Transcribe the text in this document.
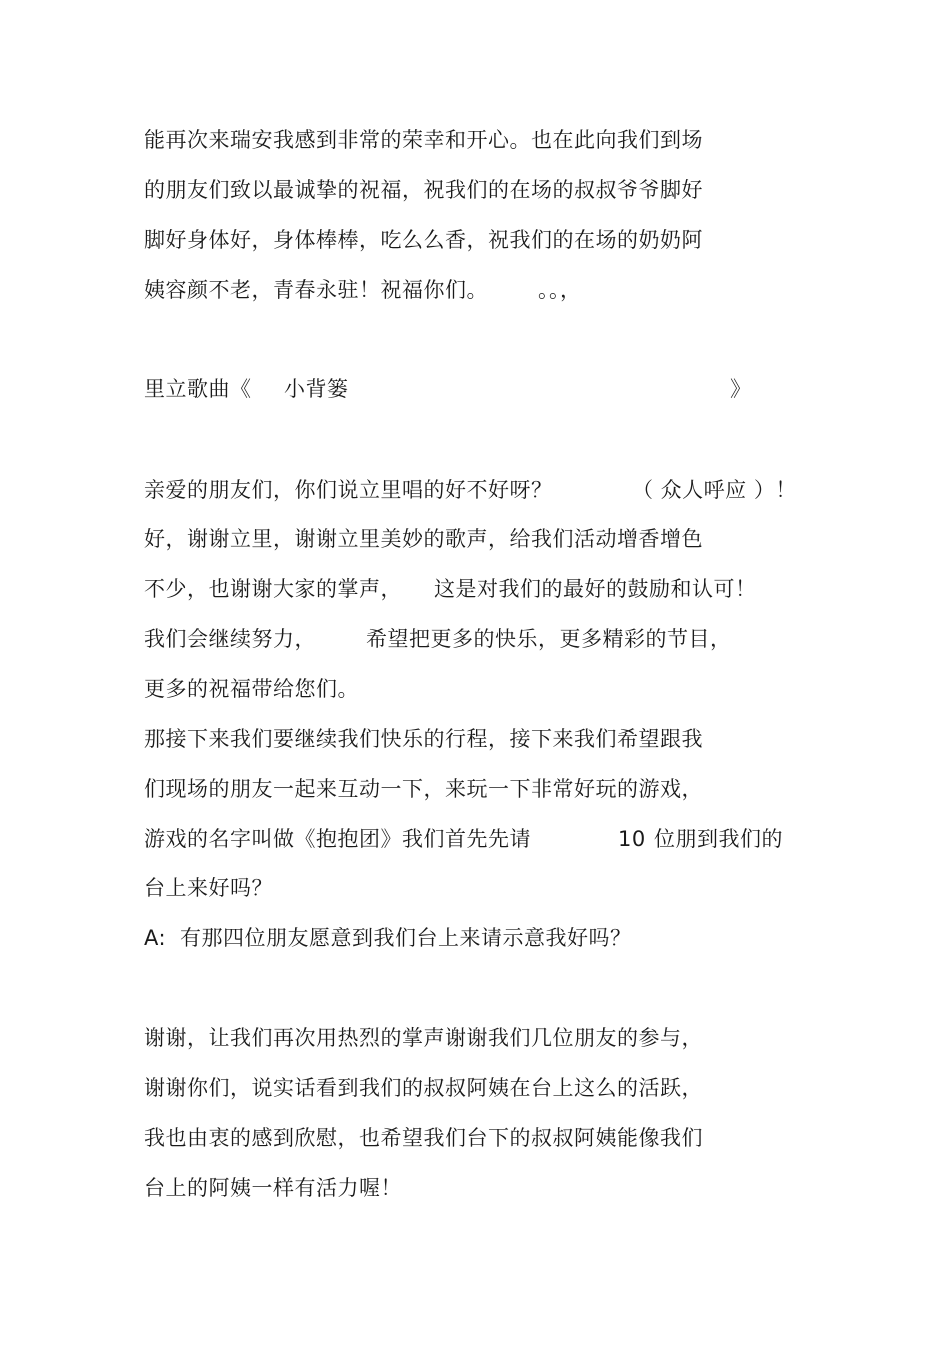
能再次来瑞安我感到非常的荣幸和开心。也在此向我们到场
的朋友们致以最诚挚的祝福，祝我们的在场的叔叔爷爷脚好
脚好身体好，身体棒棒，吃么么香，祝我们的在场的奶奶阿

姨容颜不老，青春永驻！祝福你们。

。。，

里立歌曲《

小背篓

	》

亲爱的朋友们，你们说立里唱的好不好呀？

	（ 众人呼应 ）！

好，谢谢立里，谢谢立里美妙的歌声，给我们活动增香增色

不少，也谢谢大家的掌声，

这是对我们的最好的鼓励和认可！

我们会继续努力，

希望把更多的快乐，更多精彩的节目，

更多的祝福带给您们。
那接下来我们要继续我们快乐的行程，接下来我们希望跟我
们现场的朋友一起来互动一下，来玩一下非常好玩的游戏，

游戏的名字叫做《抱抱团》我们首先先请

	10

位朋到我们的

台上来好吗？

A:

有那四位朋友愿意到我们台上来请示意我好吗？

谢谢，让我们再次用热烈的掌声谢谢我们几位朋友的参与，
谢谢你们，说实话看到我们的叔叔阿姨在台上这么的活跃，
我也由衷的感到欣慰，也希望我们台下的叔叔阿姨能像我们
台上的阿姨一样有活力喔！
